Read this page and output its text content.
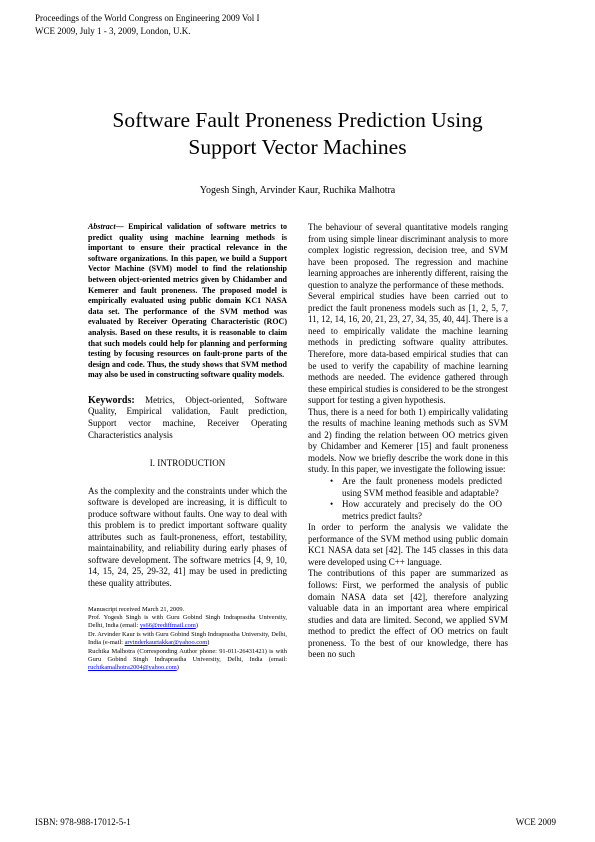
Proceedings of the World Congress on Engineering 2009 Vol I
WCE 2009, July 1 - 3, 2009, London, U.K.
Software Fault Proneness Prediction Using
Support Vector Machines
Yogesh Singh, Arvinder Kaur, Ruchika Malhotra

Abstract— Empirical validation of software metrics to predict quality using machine learning methods is important to ensure their practical relevance in the software organizations. In this paper, we build a Support Vector Machine (SVM) model to find the relationship between object-oriented metrics given by Chidamber and Kemerer and fault proneness. The proposed model is empirically evaluated using public domain KC1 NASA data set. The performance of the SVM method was evaluated by Receiver Operating Characteristic (ROC) analysis. Based on these results, it is reasonable to claim that such models could help for planning and performing testing by focusing resources on fault-prone parts of the design and code. Thus, the study shows that SVM method may also be used in constructing software quality models.

Keywords: Metrics, Object-oriented, Software Quality, Empirical validation, Fault prediction, Support vector machine, Receiver Operating Characteristics analysis

I. INTRODUCTION

As the complexity and the constraints under which the software is developed are increasing, it is difficult to produce software without faults. One way to deal with this problem is to predict important software quality attributes such as fault-proneness, effort, testability, maintainability, and reliability during early phases of software development. The software metrics [4, 9, 10, 14, 15, 24, 25, 29-32, 41] may be used in predicting these quality attributes.

Manuscript received March 21, 2009.

Prof. Yogesh Singh is with Guru Gobind Singh Indraprastha University, Delhi, India (email: ys66@rediffmail.com)

Dr. Arvinder Kaur is with Guru Gobind Singh Indraprastha University, Delhi, India (e-mail: arvinderkaurtakkar@yahoo.com)

Ruchika Malhotra (Corresponding Author phone: 91-011-26431421) is with Guru Gobind Singh Indraprastha University, Delhi, India (email: ruchikamalhotra2004@yahoo.com)

The behaviour of several quantitative models ranging from using simple linear discriminant analysis to more complex logistic regression, decision tree, and SVM have been proposed. The regression and machine learning approaches are inherently different, raising the question to analyze the performance of these methods.

Several empirical studies have been carried out to predict the fault proneness models such as [1, 2, 5, 7, 11, 12, 14, 16, 20, 21, 23, 27, 34, 35, 40, 44]. There is a need to empirically validate the machine learning methods in predicting software quality attributes. Therefore, more data-based empirical studies that can be used to verify the capability of machine learning methods are needed. The evidence gathered through these empirical studies is considered to be the strongest support for testing a given hypothesis.

Thus, there is a need for both 1) empirically validating the results of machine leaning methods such as SVM and 2) finding the relation between OO metrics given by Chidamber and Kemerer [15] and fault proneness models. Now we briefly describe the work done in this study. In this paper, we investigate the following issue:

• Are the fault proneness models predicted using SVM method feasible and adaptable?
• How accurately and precisely do the OO metrics predict faults?

In order to perform the analysis we validate the performance of the SVM method using public domain KC1 NASA data set [42]. The 145 classes in this data were developed using C++ language.

The contributions of this paper are summarized as follows: First, we performed the analysis of public domain NASA data set [42], therefore analyzing valuable data in an important area where empirical studies and data are limited. Second, we applied SVM method to predict the effect of OO metrics on fault proneness. To the best of our knowledge, there has been no such

ISBN: 978-988-17012-5-1	WCE 2009
